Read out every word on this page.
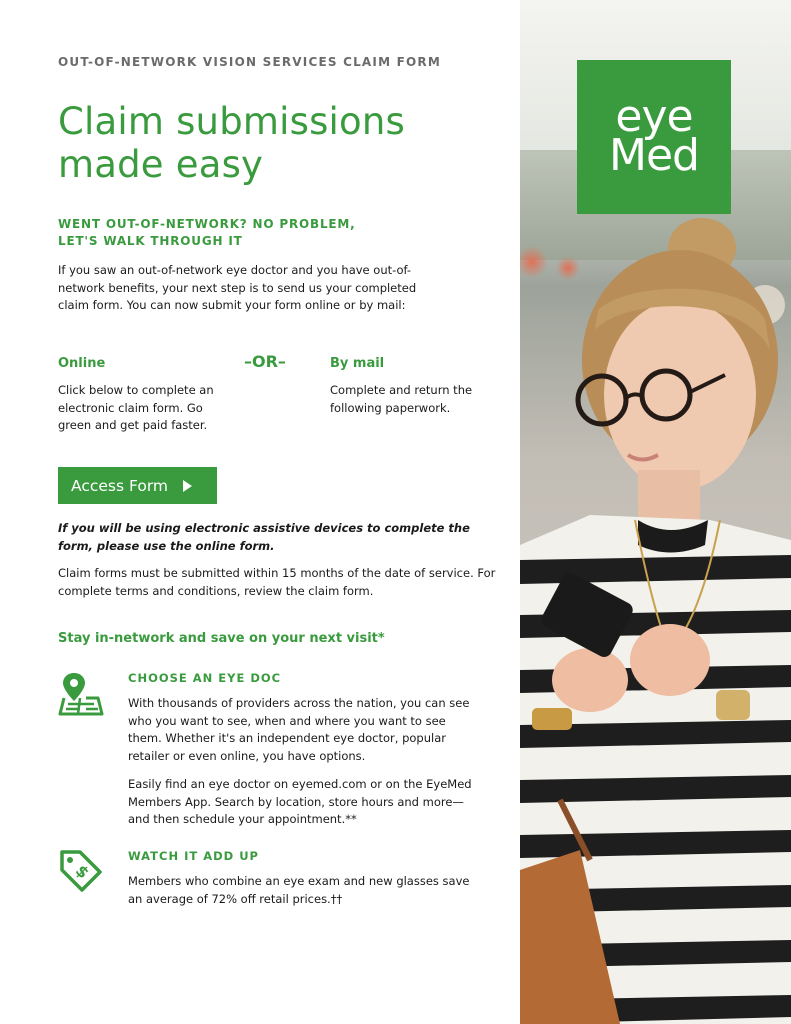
OUT-OF-NETWORK VISION SERVICES CLAIM FORM
Claim submissions
made easy
WENT OUT-OF-NETWORK? NO PROBLEM,
LET'S WALK THROUGH IT
If you saw an out-of-network eye doctor and you have out-of-network benefits, your next step is to send us your completed claim form. You can now submit your form online or by mail:
Online	–OR–	By mail
Click below to complete an electronic claim form. Go green and get paid faster.
Complete and return the following paperwork.
Access Form
If you will be using electronic assistive devices to complete the form, please use the online form.
Claim forms must be submitted within 15 months of the date of service. For complete terms and conditions, review the claim form.
Stay in-network and save on your next visit*
CHOOSE AN EYE DOC
With thousands of providers across the nation, you can see who you want to see, when and where you want to see them. Whether it's an independent eye doctor, popular retailer or even online, you have options.
Easily find an eye doctor on eyemed.com or on the EyeMed Members App. Search by location, store hours and more—and then schedule your appointment.**
$
WATCH IT ADD UP
Members who combine an eye exam and new glasses save an average of 72% off retail prices.††
eye
Med
